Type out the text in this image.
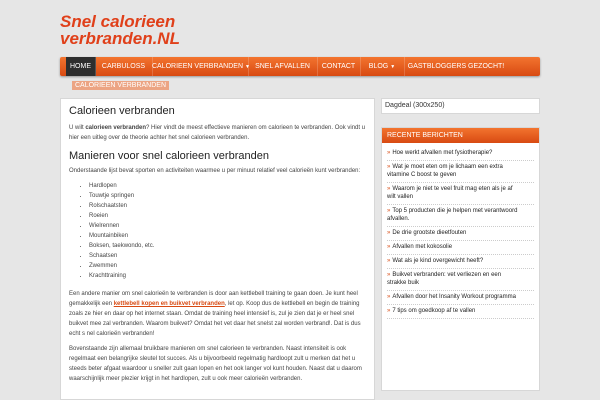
Snel calorieen
verbranden.NL
HOME	CARBULOSS CALORIEEN VERBRANDEN ▼ SNEL AFVALLEN	CONTACT	BLOG ▼	GASTBLOGGERS GEZOCHT!
CALORIEEN VERBRANDEN
Calorieen verbranden

U wilt calorieen verbranden? Hier vindt de meest effectieve manieren om calorieen te verbranden. Ook vindt u hier een uitleg over de theorie achter het snel calorieen verbranden.

Manieren voor snel calorieen verbranden

Onderstaande lijst bevat sporten en activiteiten waarmee u per minuut relatief veel calorieën kunt verbranden:

• Hardlopen
• Touwtje springen
• Rolschaatsten
• Roeien
• Wielrennen
• Mountainbiken
• Boksen, taekwondo, etc.
• Schaatsen
• Zwemmen
• Krachttraining

Een andere manier om snel calorieën te verbranden is door aan kettlebell training te gaan doen. Je kunt heel gemakkelijk een kettlebell kopen en buikvet verbranden, let op. Koop dus de kettlebell en begin de training zoals ze hier en daar op het internet staan. Omdat de training heel intensief is, zul je zien dat je er heel snel buikvet mee zal verbranden. Waarom buikvet? Omdat het vet daar het snelst zal worden verbrand!. Dat is dus echt s nel calorieën verbranden!

Bovenstaande zijn allemaal bruikbare manieren om snel calorieen te verbranden. Naast intensiteit is ook regelmaat een belangrijke sleutel tot succes. Als u bijvoorbeeld regelmatig hardloopt zult u merken dat het u steeds beter afgaat waardoor u sneller zult gaan lopen en het ook langer vol kunt houden. Naast dat u daarom waarschijnlijk meer plezier krijgt in het hardlopen, zult u ook meer calorieën verbranden.

Dagdeal (300x250)
RECENTE BERICHTEN
» Hoe werkt afvallen met fysiotherapie?
» Wat je moet eten om je lichaam een extra
vitamine C boost te geven
» Waarom je niet te veel fruit mag eten als je af
wilt vallen
» Top 5 producten die je helpen met verantwoord
afvallen.
» De drie grootste dieetfouten
» Afvallen met kokosolie
» Wat als je kind overgewicht heeft?
» Buikvet verbranden: vet verliezen en een
strakke buik
» Afvallen door het Insanity Workout programma
» 7 tips om goedkoop af te vallen
